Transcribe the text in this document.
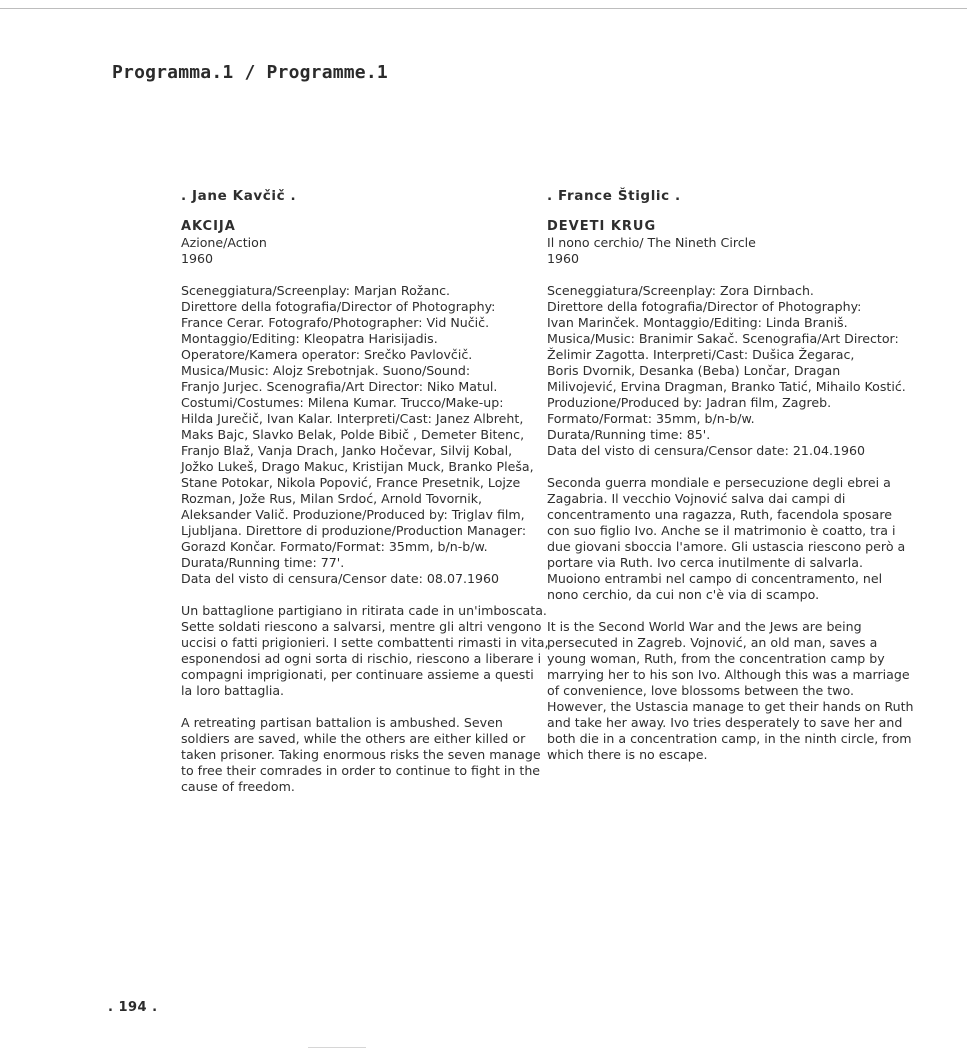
Programma.1 / Programme.1

. Jane Kavčič .

AKCIJA

Azione/Action
1960
Sceneggiatura/Screenplay: Marjan Rožanc.
Direttore della fotografia/Director of Photography:
France Cerar. Fotografo/Photographer: Vid Nučič.
Montaggio/Editing: Kleopatra Harisijadis.
Operatore/Kamera operator: Srečko Pavlovčič.
Musica/Music: Alojz Srebotnjak. Suono/Sound:
Franjo Jurjec. Scenografia/Art Director: Niko Matul.
Costumi/Costumes: Milena Kumar. Trucco/Make-up:
Hilda Jurečič, Ivan Kalar. Interpreti/Cast: Janez Albreht,
Maks Bajc, Slavko Belak, Polde Bibič , Demeter Bitenc,
Franjo Blaž, Vanja Drach, Janko Hočevar, Silvij Kobal,
Jožko Lukeš, Drago Makuc, Kristijan Muck, Branko Pleša,
Stane Potokar, Nikola Popović, France Presetnik, Lojze
Rozman, Jože Rus, Milan Srdoć, Arnold Tovornik,
Aleksander Valič. Produzione/Produced by: Triglav film,
Ljubljana. Direttore di produzione/Production Manager:
Gorazd Končar. Formato/Format: 35mm, b/n-b/w.
Durata/Running time: 77'.
Data del visto di censura/Censor date: 08.07.1960
Un battaglione partigiano in ritirata cade in un'imboscata.
Sette soldati riescono a salvarsi, mentre gli altri vengono
uccisi o fatti prigionieri. I sette combattenti rimasti in vita,
esponendosi ad ogni sorta di rischio, riescono a liberare i
compagni imprigionati, per continuare assieme a questi
la loro battaglia.
A retreating partisan battalion is ambushed. Seven
soldiers are saved, while the others are either killed or
taken prisoner. Taking enormous risks the seven manage
to free their comrades in order to continue to fight in the
cause of freedom.

. France Štiglic .

DEVETI KRUG

Il nono cerchio/ The Nineth Circle
1960
Sceneggiatura/Screenplay: Zora Dirnbach.
Direttore della fotografia/Director of Photography:
Ivan Marinček. Montaggio/Editing: Linda Braniš.
Musica/Music: Branimir Sakač. Scenografia/Art Director:
Želimir Zagotta. Interpreti/Cast: Dušica Žegarac,
Boris Dvornik, Desanka (Beba) Lončar, Dragan
Milivojević, Ervina Dragman, Branko Tatić, Mihailo Kostić.
Produzione/Produced by: Jadran film, Zagreb.
Formato/Format: 35mm, b/n-b/w.
Durata/Running time: 85'.
Data del visto di censura/Censor date: 21.04.1960
Seconda guerra mondiale e persecuzione degli ebrei a
Zagabria. Il vecchio Vojnović salva dai campi di
concentramento una ragazza, Ruth, facendola sposare
con suo figlio Ivo. Anche se il matrimonio è coatto, tra i
due giovani sboccia l'amore. Gli ustascia riescono però a
portare via Ruth. Ivo cerca inutilmente di salvarla.
Muoiono entrambi nel campo di concentramento, nel
nono cerchio, da cui non c'è via di scampo.
It is the Second World War and the Jews are being
persecuted in Zagreb. Vojnović, an old man, saves a
young woman, Ruth, from the concentration camp by
marrying her to his son Ivo. Although this was a marriage
of convenience, love blossoms between the two.
However, the Ustascia manage to get their hands on Ruth
and take her away. Ivo tries desperately to save her and
both die in a concentration camp, in the ninth circle, from
which there is no escape.
. 194 .
